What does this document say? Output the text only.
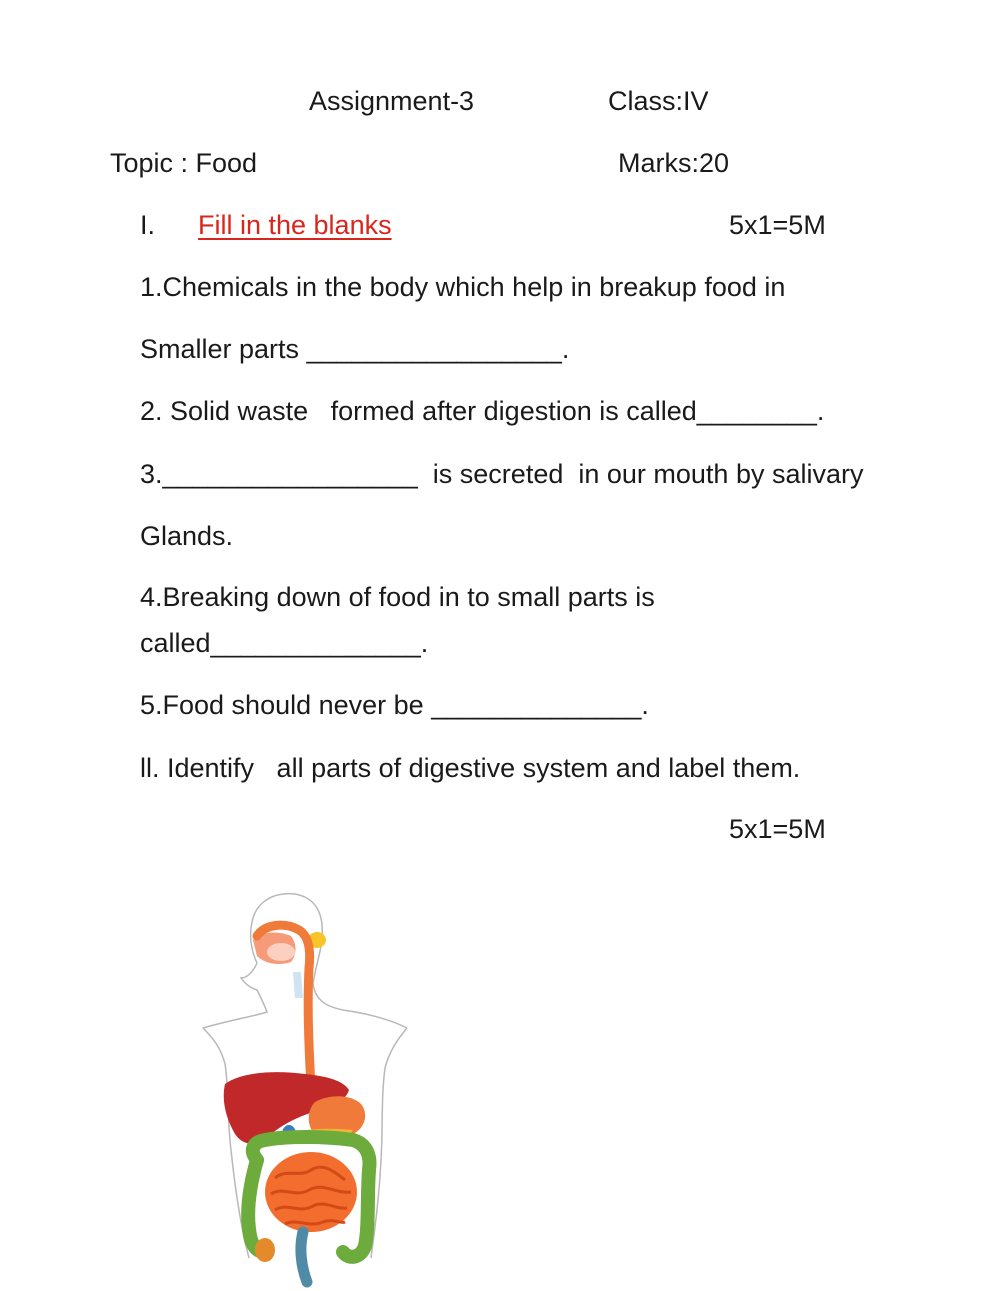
Assignment-3	Class:IV
Topic : Food	Marks:20
I. Fill in the blanks	5x1=5M
1.Chemicals in the body which help in breakup food in
Smaller parts _________________.
2. Solid waste   formed after digestion is called________.
3._________________  is secreted  in our mouth by salivary
Glands.
4.Breaking down of food in to small parts is
called______________.
5.Food should never be ______________.
ll. Identify   all parts of digestive system and label them.
5x1=5M
